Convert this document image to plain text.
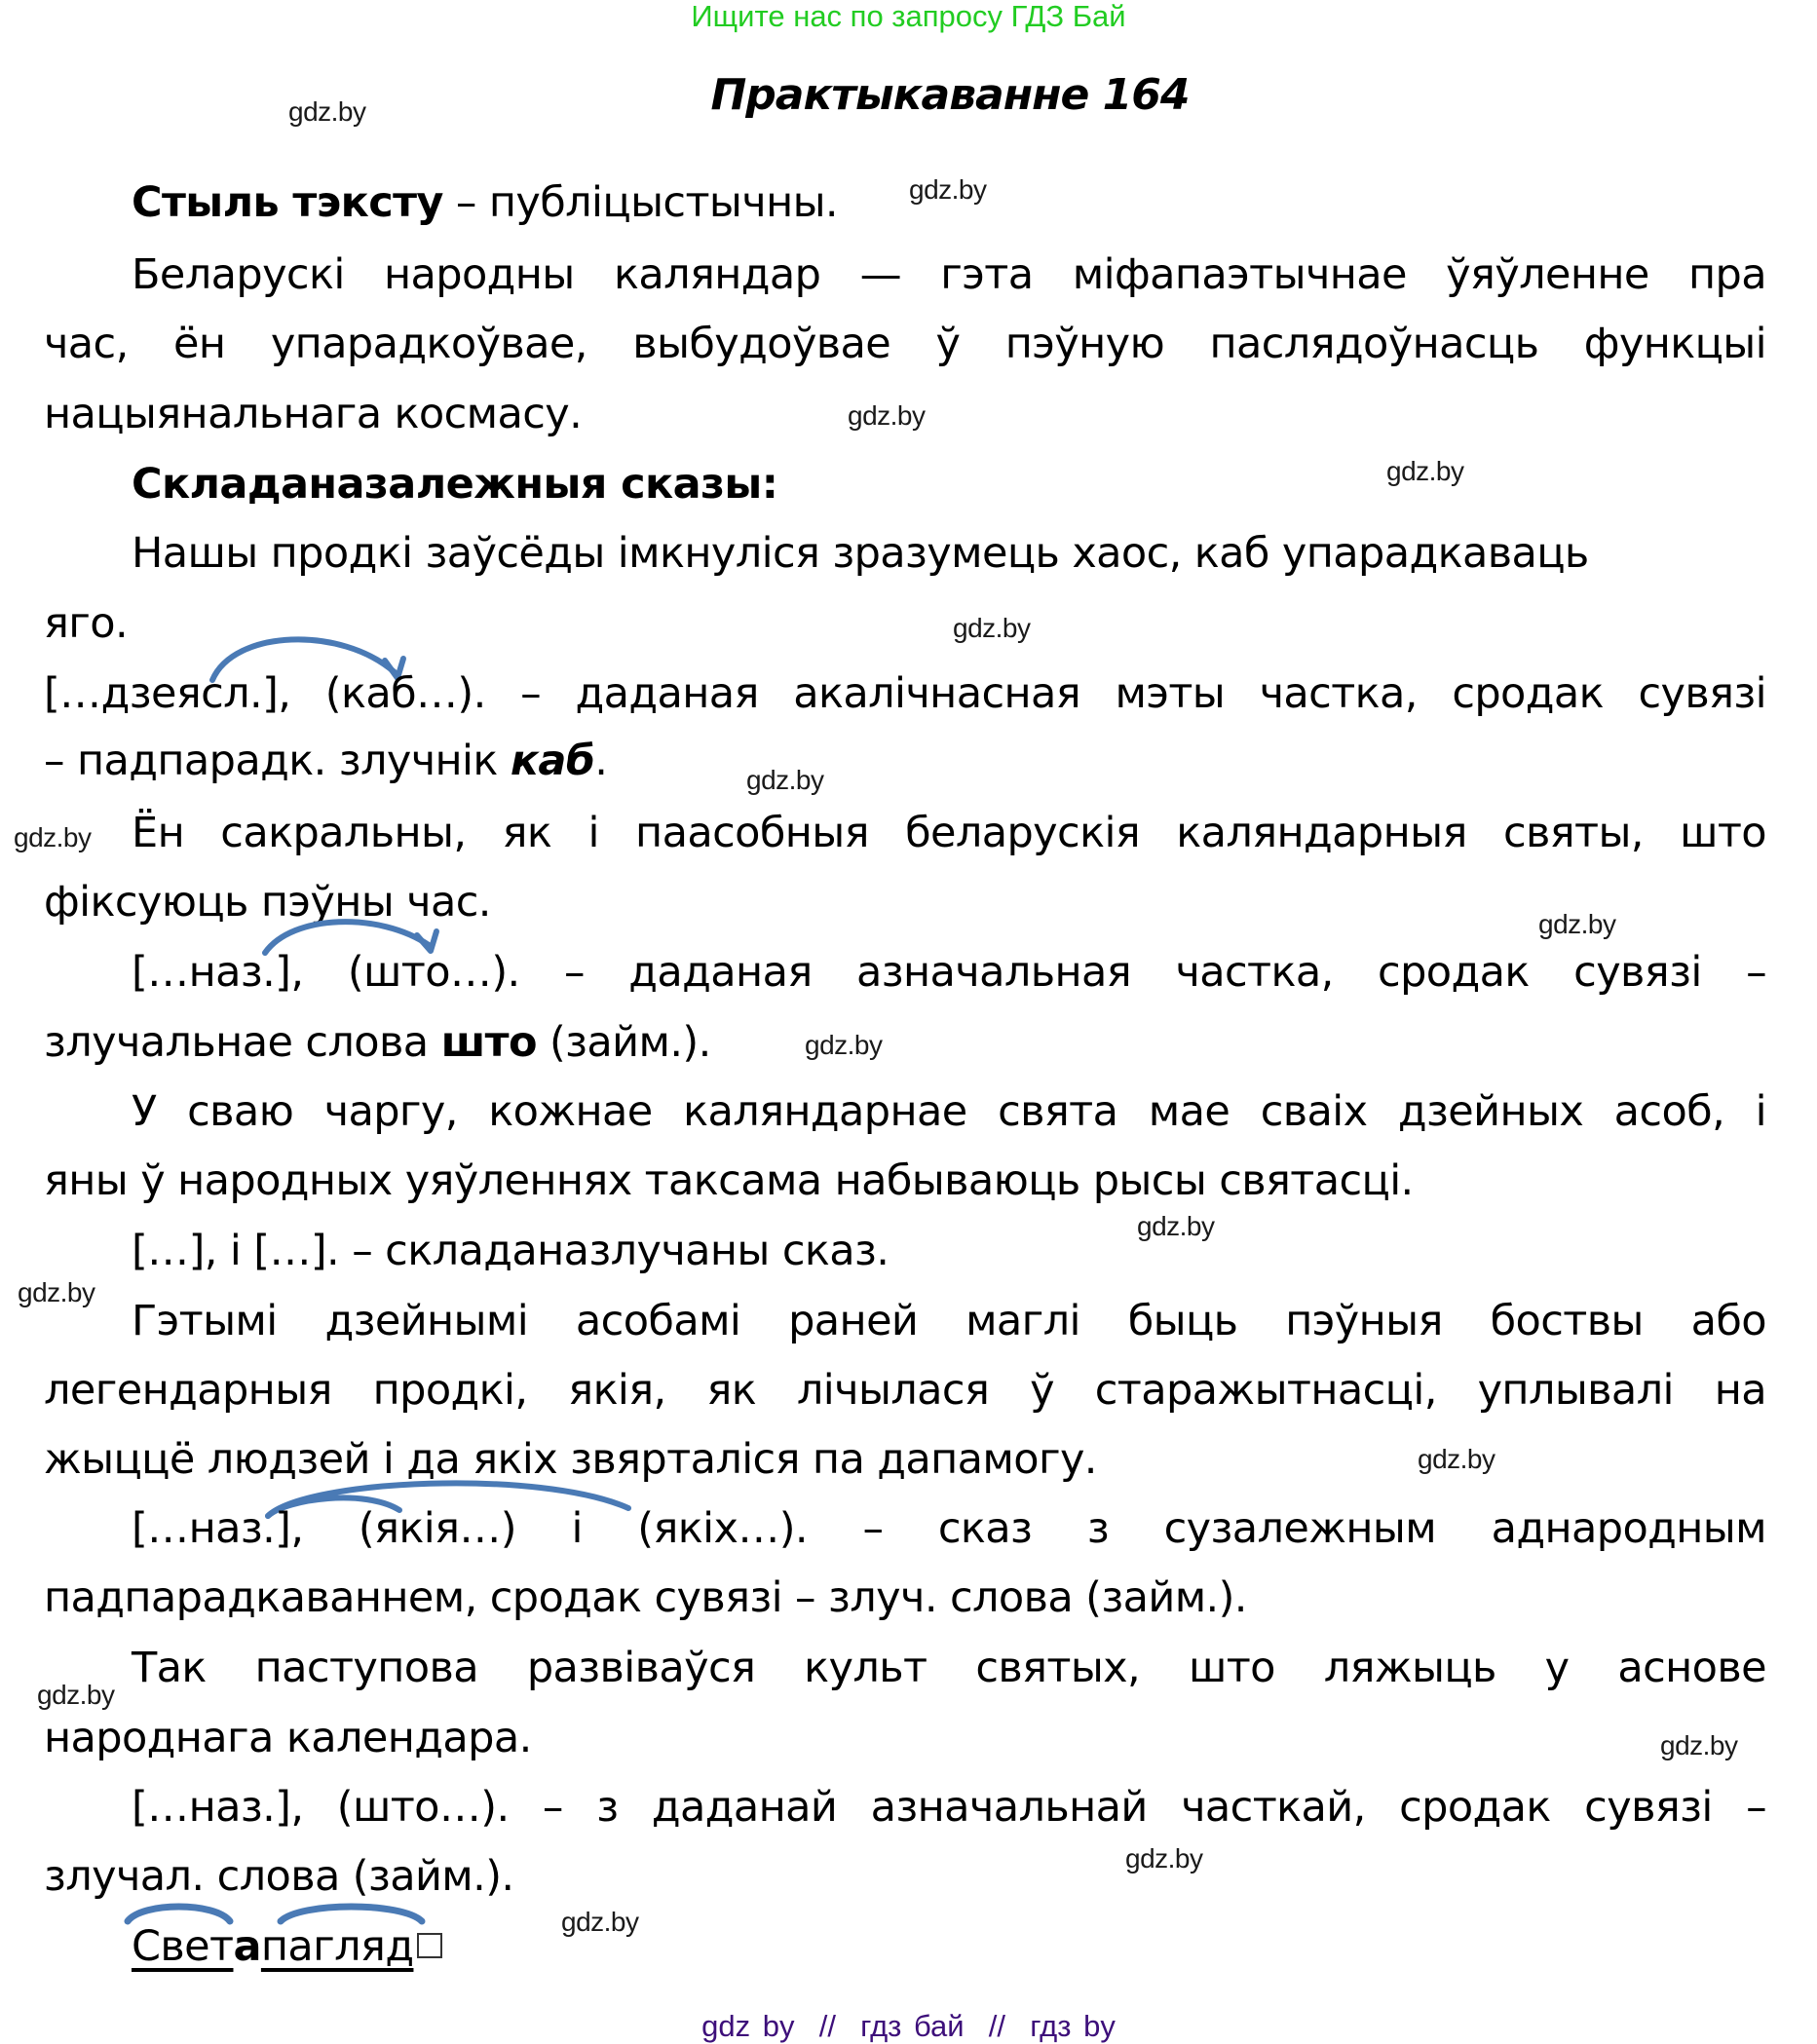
Ищите нас по запросу ГДЗ Бай
Практыкаванне 164
Стыль тэксту – публіцыстычны.
Беларускі народны каляндар — гэта міфапаэтычнае ўяўленне пра
час, ён упарадкоўвае, выбудоўвае ў пэўную паслядоўнасць функцыі
нацыянальнага космасу.
Складаназалежныя сказы:
Нашы продкі заўсёды імкнуліся зразумець хаос, каб упарадкаваць
яго.
[…дзеясл.], (каб…). – даданая акалічнасная мэты частка, сродак сувязі
– падпарадк. злучнік каб.
Ён сакральны, як і паасобныя беларускія каляндарныя святы, што
фіксуюць пэўны час.
[…наз.], (што…). – даданая азначальная частка, сродак сувязі –
злучальнае слова што (займ.).
У сваю чаргу, кожнае каляндарнае свята мае сваіх дзейных асоб, і
яны ў народных уяўленнях таксама набываюць рысы святасці.
[…], і […]. – складаназлучаны сказ.
Гэтымі дзейнымі асобамі раней маглі быць пэўныя боствы або
легендарныя продкі, якія, як лічылася ў старажытнасці, уплывалі на
жыццё людзей і да якіх звярталіся па дапамогу.
[…наз.], (якія…) і (якіх…). – сказ з сузалежным аднародным
падпарадкаваннем, сродак сувязі – злуч. слова (займ.).
Так паступова развіваўся культ святых, што ляжыць у аснове
народнага календара.
[…наз.], (што…). – з даданай азначальнай часткай, сродак сувязі –
злучал. слова (займ.).
Светапагляд
gdz.by
gdz.by
gdz.by
gdz.by
gdz.by
gdz.by
gdz.by
gdz.by
gdz.by
gdz.by
gdz.by
gdz.by
gdz.by
gdz.by
gdz.by
gdz.by
gdz by  //  гдз бай  //  гдз by
